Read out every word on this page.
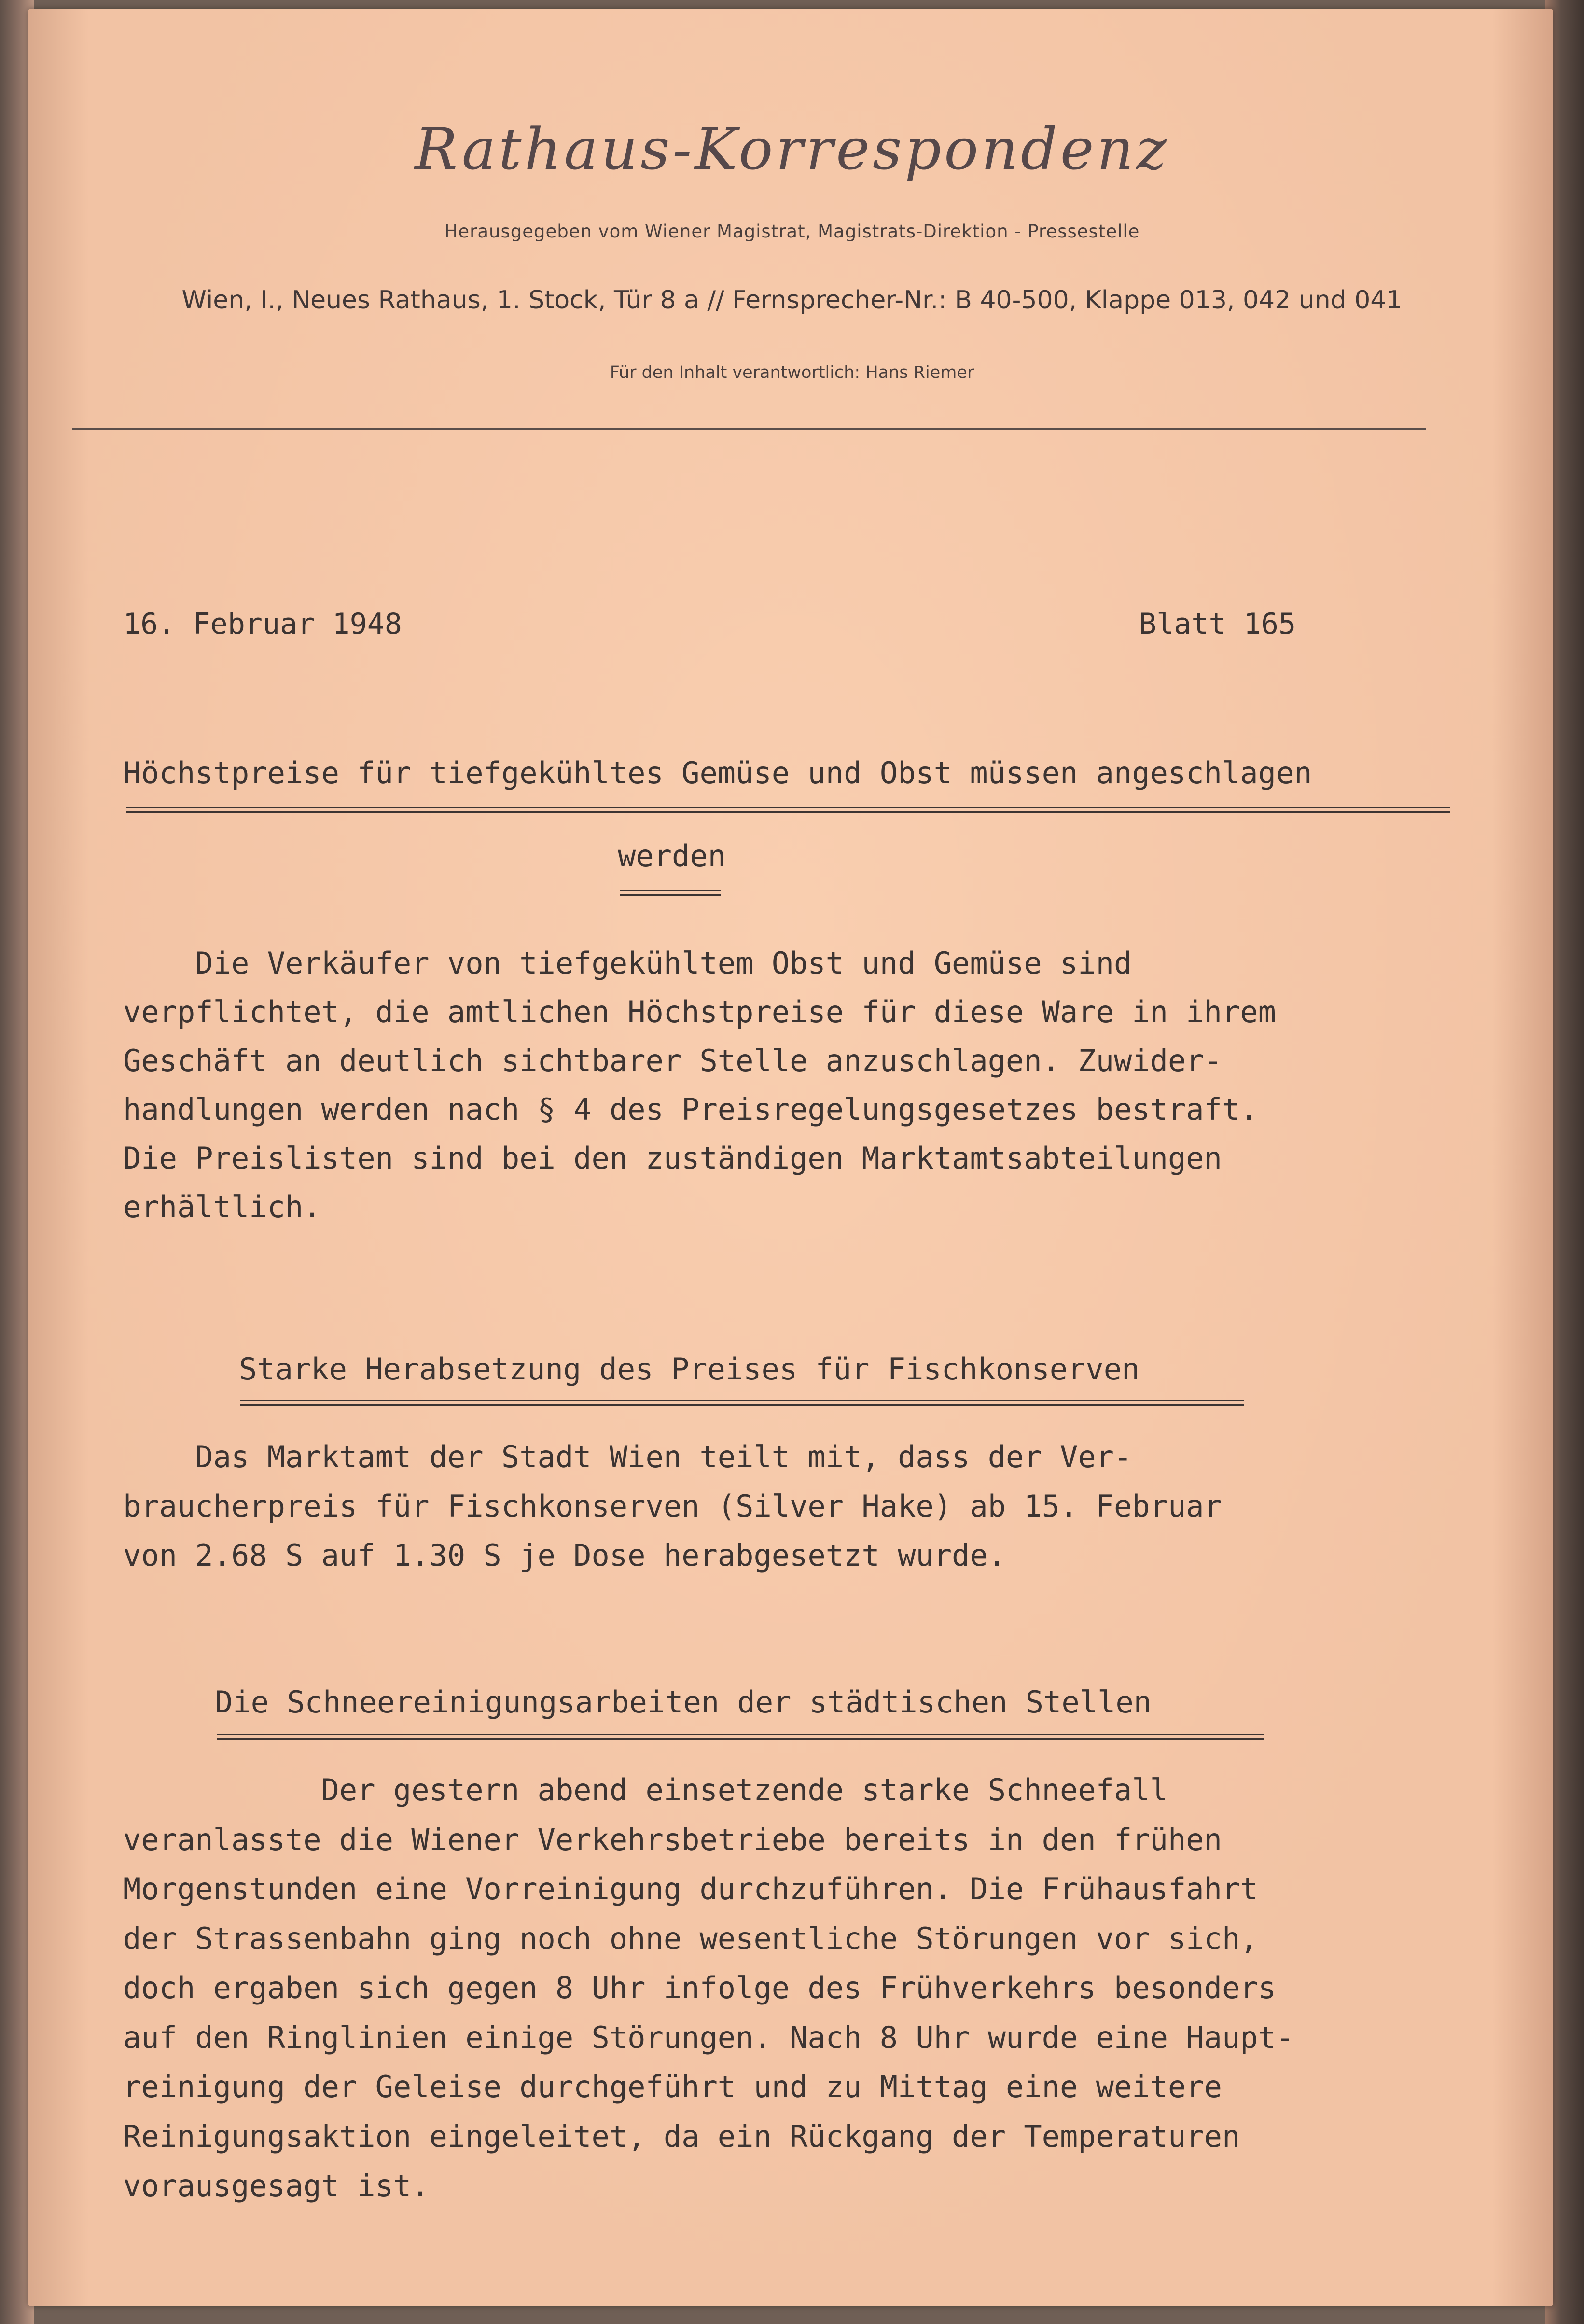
Rathaus-Korrespondenz
Herausgegeben vom Wiener Magistrat, Magistrats-Direktion - Pressestelle
Wien, I., Neues Rathaus, 1. Stock, Tür 8 a // Fernsprecher-Nr.: B 40-500, Klappe 013, 042 und 041
Für den Inhalt verantwortlich: Hans Riemer
16. Februar 1948	Blatt 165
Höchstpreise für tiefgekühltes Gemüse und Obst müssen angeschlagen
werden
Die Verkäufer von tiefgekühltem Obst und Gemüse sind
verpflichtet, die amtlichen Höchstpreise für diese Ware in ihrem
Geschäft an deutlich sichtbarer Stelle anzuschlagen. Zuwider-
handlungen werden nach § 4 des Preisregelungsgesetzes bestraft.
Die Preislisten sind bei den zuständigen Marktamtsabteilungen
erhältlich.
Starke Herabsetzung des Preises für Fischkonserven
Das Marktamt der Stadt Wien teilt mit, dass der Ver-
braucherpreis für Fischkonserven (Silver Hake) ab 15. Februar
von 2.68 S auf 1.30 S je Dose herabgesetzt wurde.
Die Schneereinigungsarbeiten der städtischen Stellen
Der gestern abend einsetzende starke Schneefall
veranlasste die Wiener Verkehrsbetriebe bereits in den frühen
Morgenstunden eine Vorreinigung durchzuführen. Die Frühausfahrt
der Strassenbahn ging noch ohne wesentliche Störungen vor sich,
doch ergaben sich gegen 8 Uhr infolge des Frühverkehrs besonders
auf den Ringlinien einige Störungen. Nach 8 Uhr wurde eine Haupt-
reinigung der Geleise durchgeführt und zu Mittag eine weitere
Reinigungsaktion eingeleitet, da ein Rückgang der Temperaturen
vorausgesagt ist.
